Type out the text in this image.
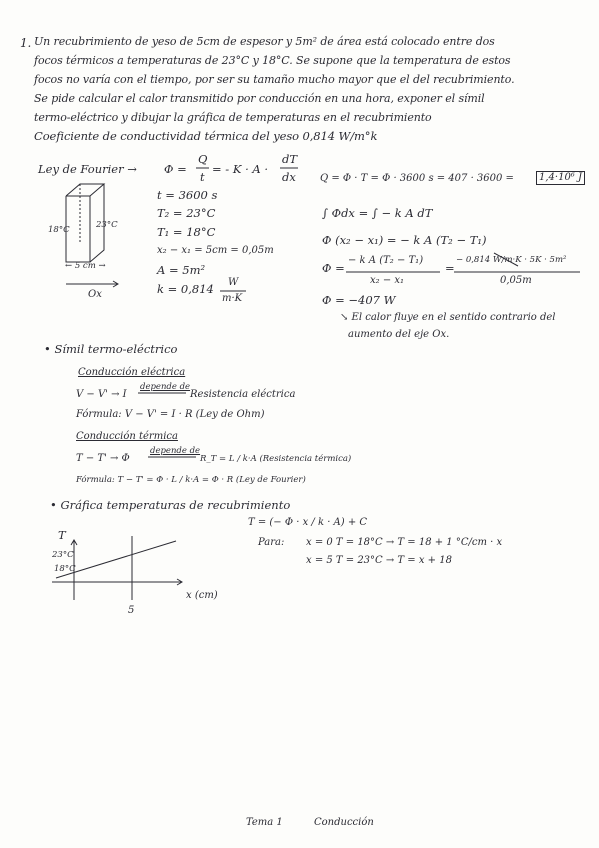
1. Un recubrimiento de yeso de 5cm de espesor y 5m² de área está colocado entre dos
focos térmicos a temperaturas de 23°C y 18°C. Se supone que la temperatura de estos
focos no varía con el tiempo, por ser su tamaño mucho mayor que el del recubrimiento.
Se pide calcular el calor transmitido por conducción en una hora, exponer el símil
termo-eléctrico y dibujar la gráfica de temperaturas en el recubrimiento
Coeficiente de conductividad térmica del yeso 0,814 W/m°k
Ley de Fourier → Φ =
Q
t
= - K · A ·
dT
dx
18°C	23°C
← 5 cm →
Ox
t = 3600 s
T₂ = 23°C
T₁ = 18°C
x₂ − x₁ = 5cm = 0,05m
A = 5m²
k = 0,814 W
m·K
Q = Φ · T = Φ · 3600 s = 407 · 3600 =	1,4·10⁶ J
∫ Φdx = ∫ − k A dT
Φ (x₂ − x₁) = − k A (T₂ − T₁)
Φ =
− k A (T₂ − T₁)
x₂ − x₁
=
− 0,814 W/m·K · 5K · 5m²
0,05m
Φ = −407 W
↘ El calor fluye en el sentido contrario del
aumento del eje Ox.
• Símil termo-eléctrico
Conducción eléctrica
V − V' → I
depende de
Resistencia eléctrica
Fórmula: V − V' = I · R (Ley de Ohm)
Conducción térmica
T − T' → Φ
depende de
R_T = L / k·A (Resistencia térmica)
Fórmula: T − T' = Φ · L / k·A = Φ · R (Ley de Fourier)
• Gráfica temperaturas de recubrimiento
T = (− Φ · x / k · A) + C
Para: x = 0 T = 18°C → T = 18 + 1 °C/cm · x
x = 5 T = 23°C → T = x + 18
T
23°C
18°C
x (cm)
5
Tema 1	Conducción
